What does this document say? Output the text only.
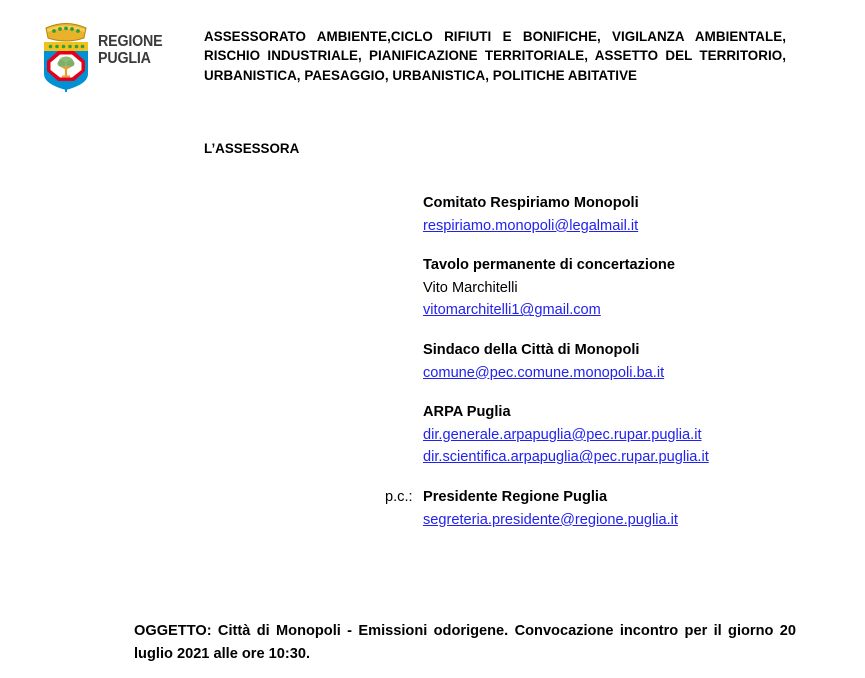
REGIONE
PUGLIA
ASSESSORATO AMBIENTE,CICLO RIFIUTI E BONIFICHE, VIGILANZA AMBIENTALE, RISCHIO INDUSTRIALE, PIANIFICAZIONE TERRITORIALE, ASSETTO DEL TERRITORIO, URBANISTICA, PAESAGGIO, URBANISTICA, POLITICHE ABITATIVE
L’ASSESSORA
Comitato Respiriamo Monopoli
respiriamo.monopoli@legalmail.it
Tavolo permanente di concertazione
Vito Marchitelli
vitomarchitelli1@gmail.com
Sindaco della Città di Monopoli
comune@pec.comune.monopoli.ba.it
ARPA Puglia
dir.generale.arpapuglia@pec.rupar.puglia.it
dir.scientifica.arpapuglia@pec.rupar.puglia.it
p.c.: Presidente Regione Puglia
segreteria.presidente@regione.puglia.it
OGGETTO: Città di Monopoli - Emissioni odorigene. Convocazione incontro per il giorno 20 luglio 2021 alle ore 10:30.
